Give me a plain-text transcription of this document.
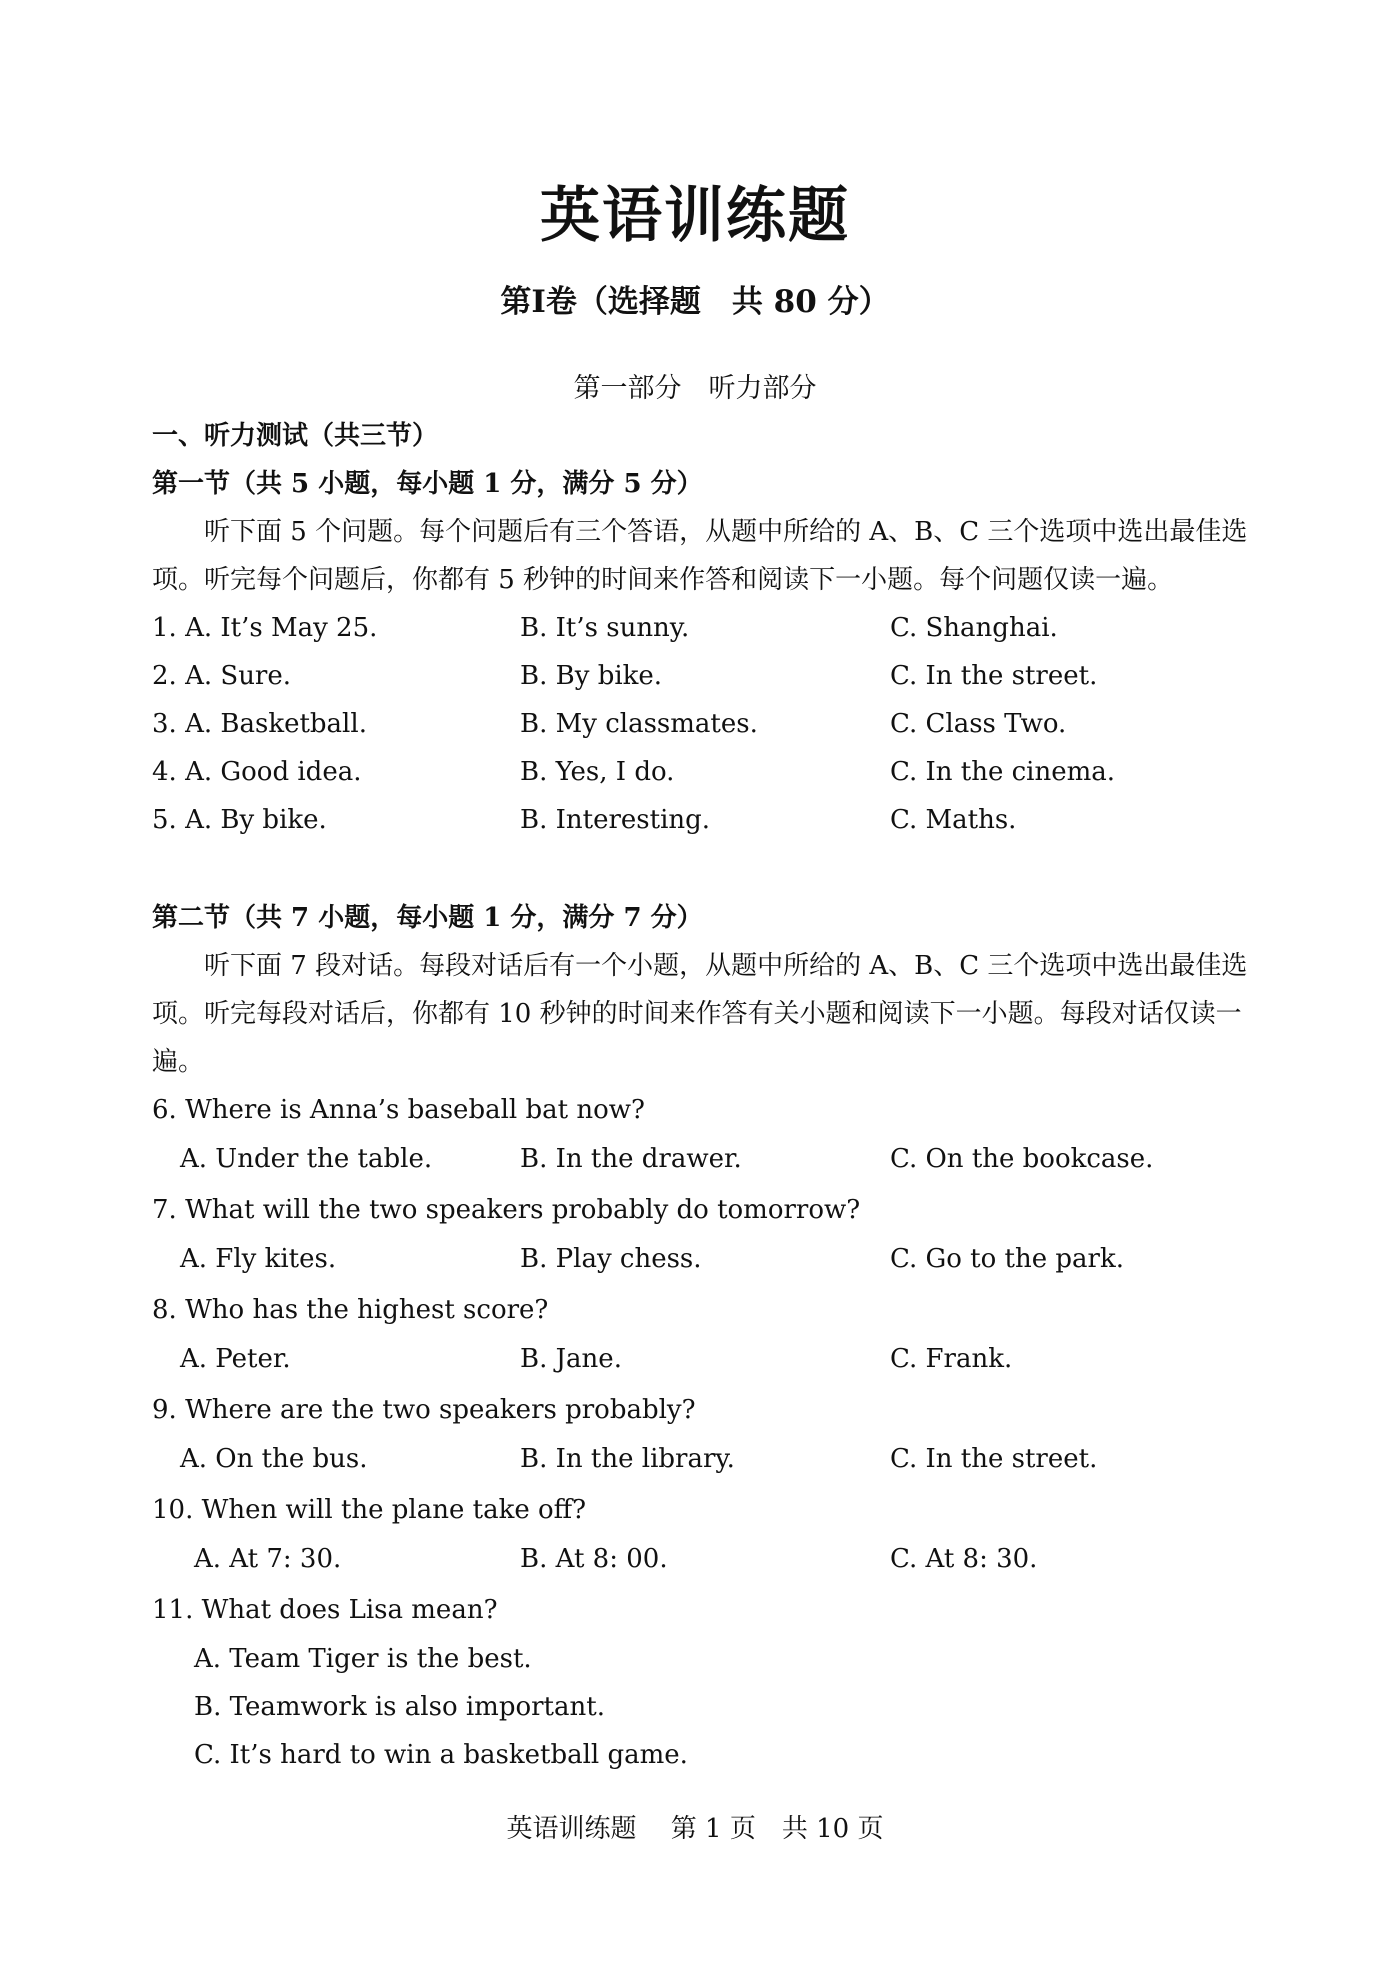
英语训练题
第Ⅰ卷（选择题　共 80 分）
第一部分　听力部分
一、听力测试（共三节）
第一节（共 5 小题，每小题 1 分，满分 5 分）
听下面 5 个问题。每个问题后有三个答语，从题中所给的 A、B、C 三个选项中选出最佳选项。听完每个问题后，你都有 5 秒钟的时间来作答和阅读下一小题。每个问题仅读一遍。
1. A. It’s May 25.	B. It’s sunny.	C. Shanghai.
2. A. Sure.	B. By bike.	C. In the street.
3. A. Basketball.	B. My classmates.	C. Class Two.
4. A. Good idea.	B. Yes, I do.	C. In the cinema.
5. A. By bike.	B. Interesting.	C. Maths.
第二节（共 7 小题，每小题 1 分，满分 7 分）
听下面 7 段对话。每段对话后有一个小题，从题中所给的 A、B、C 三个选项中选出最佳选项。听完每段对话后，你都有 10 秒钟的时间来作答有关小题和阅读下一小题。每段对话仅读一遍。
6. Where is Anna’s baseball bat now?
A. Under the table.	B. In the drawer.	C. On the bookcase.
7. What will the two speakers probably do tomorrow?
A. Fly kites.	B. Play chess.	C. Go to the park.
8. Who has the highest score?
A. Peter.	B. Jane.	C. Frank.
9. Where are the two speakers probably?
A. On the bus.	B. In the library.	C. In the street.
10. When will the plane take off?
A. At 7: 30.	B. At 8: 00.	C. At 8: 30.
11. What does Lisa mean?
A. Team Tiger is the best.
B. Teamwork is also important.
C. It’s hard to win a basketball game.
英语训练题　 第 1 页　共 10 页
